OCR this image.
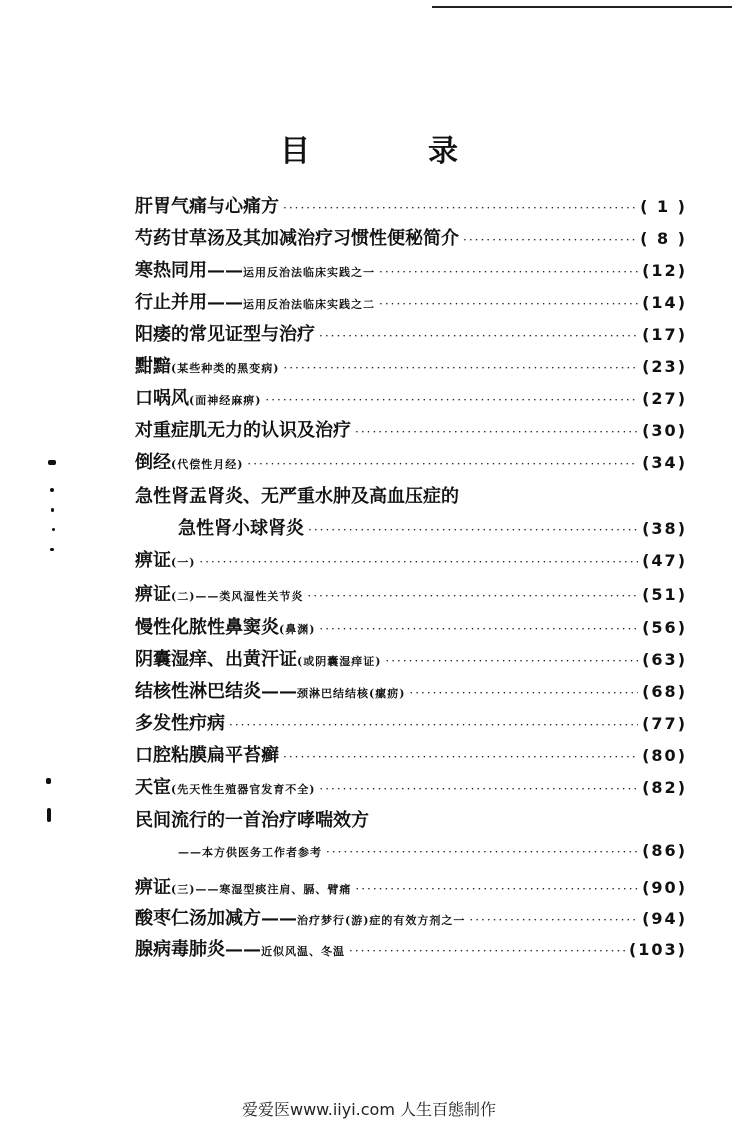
目　录
肝胃气痛与心痛方 ·····	( 1 )
芍药甘草汤及其加减治疗习惯性便秘简介 ·····	( 8 )
寒热同用—— 运用反治法临床实践之一 ·····	(12)
行止并用—— 运用反治法临床实践之二 ·····	(14)
阳痿的常见证型与治疗 ·····	(17)
黚黯 (某些种类的黑变病) ·····	(23)
口㖞风 (面神经麻痹) ·····	(27)
对重症肌无力的认识及治疗 ·····	(30)
倒经 (代偿性月经) ·····	(34)
急性肾盂肾炎、无严重水肿及高血压症的
急性肾小球肾炎 ·····	(38)
痹证 (一) ·····	(47)
痹证 (二)——类风湿性关节炎 ·····	(51)
慢性化脓性鼻窦炎 (鼻渊) ·····	(56)
阴囊湿痒、出黄汗证 (或阴囊湿痒证) ·····	(63)
结核性淋巴结炎—— 颈淋巴结结核(瘰疬) ·····	(68)
多发性疖病 ·····	(77)
口腔粘膜扁平苔癣 ·····	(80)
天宦 (先天性生殖器官发育不全) ·····	(82)
民间流行的一首治疗哮喘效方
——本方供医务工作者参考 ·····	(86)
痹证 (三)——寒湿型痰注肩、膈、臂痛 ·····	(90)
酸枣仁汤加减方—— 治疗梦行(游)症的有效方剂之一 ·····	(94)
腺病毒肺炎—— 近似风温、冬温 ·····	(103)
爱爱医www.iiyi.com 人生百態制作
